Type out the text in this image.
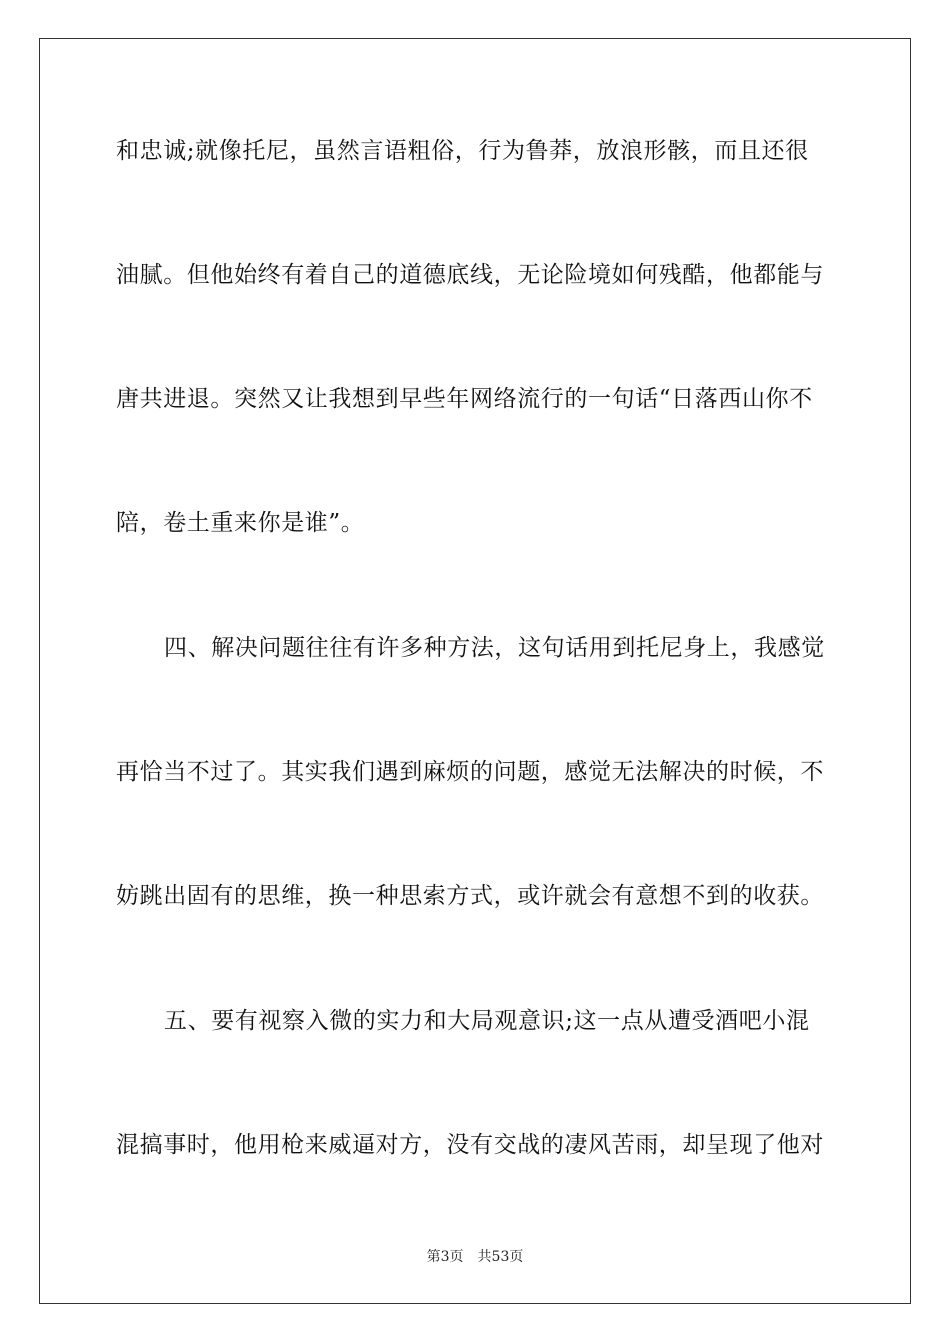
和忠诚;就像托尼，虽然言语粗俗，行为鲁莽，放浪形骸，而且还很
油腻。但他始终有着自己的道德底线，无论险境如何残酷，他都能与
唐共进退。突然又让我想到早些年网络流行的一句话“日落西山你不
陪，卷土重来你是谁”。
四、解决问题往往有许多种方法，这句话用到托尼身上，我感觉
再恰当不过了。其实我们遇到麻烦的问题，感觉无法解决的时候，不
妨跳出固有的思维，换一种思索方式，或许就会有意想不到的收获。
五、要有视察入微的实力和大局观意识;这一点从遭受酒吧小混
混搞事时，他用枪来威逼对方，没有交战的凄风苦雨，却呈现了他对
第3页 共53页
